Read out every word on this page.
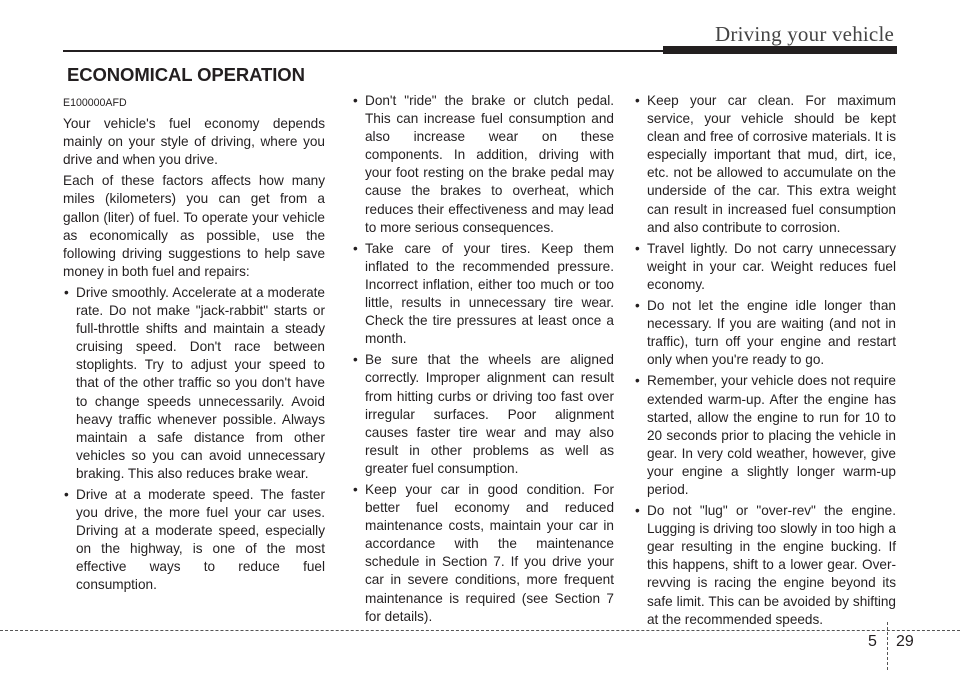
Driving your vehicle
ECONOMICAL OPERATION
E100000AFD

Your vehicle's fuel economy depends mainly on your style of driving, where you drive and when you drive.

Each of these factors affects how many miles (kilometers) you can get from a gallon (liter) of fuel. To operate your vehicle as economically as possible, use the following driving suggestions to help save money in both fuel and repairs:

• Drive smoothly. Accelerate at a moderate rate. Do not make "jack-rabbit" starts or full-throttle shifts and maintain a steady cruising speed. Don't race between stoplights. Try to adjust your speed to that of the other traffic so you don't have to change speeds unnecessarily. Avoid heavy traffic whenever possible. Always maintain a safe distance from other vehicles so you can avoid unnecessary braking. This also reduces brake wear.
• Drive at a moderate speed. The faster you drive, the more fuel your car uses. Driving at a moderate speed, especially on the highway, is one of the most effective ways to reduce fuel consumption.
• Don't "ride" the brake or clutch pedal. This can increase fuel consumption and also increase wear on these components. In addition, driving with your foot resting on the brake pedal may cause the brakes to overheat, which reduces their effectiveness and may lead to more serious consequences.
• Take care of your tires. Keep them inflated to the recommended pressure. Incorrect inflation, either too much or too little, results in unnecessary tire wear. Check the tire pressures at least once a month.
• Be sure that the wheels are aligned correctly. Improper alignment can result from hitting curbs or driving too fast over irregular surfaces. Poor alignment causes faster tire wear and may also result in other problems as well as greater fuel consumption.
• Keep your car in good condition. For better fuel economy and reduced maintenance costs, maintain your car in accordance with the maintenance schedule in Section 7. If you drive your car in severe conditions, more frequent maintenance is required (see Section 7 for details).
• Keep your car clean. For maximum service, your vehicle should be kept clean and free of corrosive materials. It is especially important that mud, dirt, ice, etc. not be allowed to accumulate on the underside of the car. This extra weight can result in increased fuel consumption and also contribute to corrosion.
• Travel lightly. Do not carry unnecessary weight in your car. Weight reduces fuel economy.
• Do not let the engine idle longer than necessary. If you are waiting (and not in traffic), turn off your engine and restart only when you're ready to go.
• Remember, your vehicle does not require extended warm-up. After the engine has started, allow the engine to run for 10 to 20 seconds prior to placing the vehicle in gear. In very cold weather, however, give your engine a slightly longer warm-up period.
• Do not "lug" or "over-rev" the engine. Lugging is driving too slowly in too high a gear resulting in the engine bucking. If this happens, shift to a lower gear. Over-revving is racing the engine beyond its safe limit. This can be avoided by shifting at the recommended speeds.
5 29
